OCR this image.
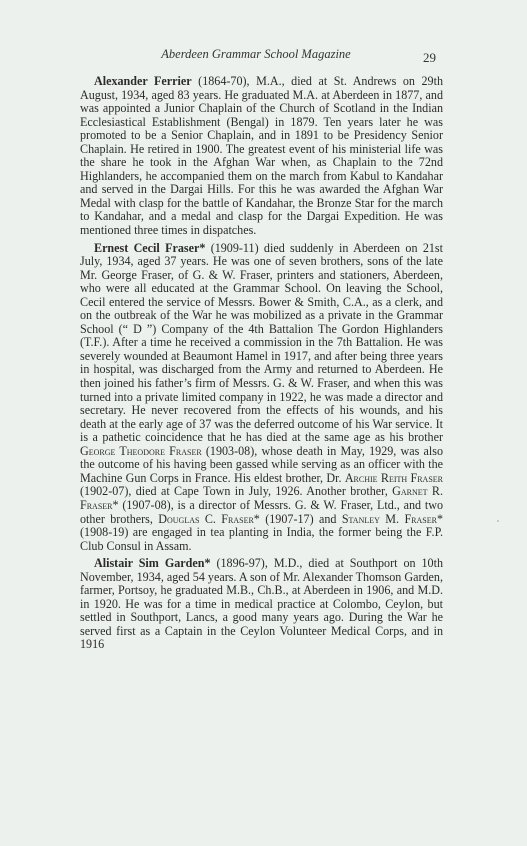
Aberdeen Grammar School Magazine	29

Alexander Ferrier (1864-70), M.A., died at St. Andrews on 29th August, 1934, aged 83 years. He graduated M.A. at Aberdeen in 1877, and was appointed a Junior Chaplain of the Church of Scotland in the Indian Ecclesiastical Establishment (Bengal) in 1879. Ten years later he was promoted to be a Senior Chaplain, and in 1891 to be Presidency Senior Chaplain. He retired in 1900. The greatest event of his ministerial life was the share he took in the Afghan War when, as Chaplain to the 72nd Highlanders, he accompanied them on the march from Kabul to Kandahar and served in the Dargai Hills. For this he was awarded the Afghan War Medal with clasp for the battle of Kandahar, the Bronze Star for the march to Kandahar, and a medal and clasp for the Dargai Expedition. He was mentioned three times in dispatches.

Ernest Cecil Fraser* (1909-11) died suddenly in Aberdeen on 21st July, 1934, aged 37 years. He was one of seven brothers, sons of the late Mr. George Fraser, of G. & W. Fraser, printers and stationers, Aberdeen, who were all educated at the Grammar School. On leaving the School, Cecil entered the service of Messrs. Bower & Smith, C.A., as a clerk, and on the outbreak of the War he was mobilized as a private in the Grammar School (“ D ”) Company of the 4th Battalion The Gordon Highlanders (T.F.). After a time he received a commission in the 7th Battalion. He was severely wounded at Beaumont Hamel in 1917, and after being three years in hospital, was discharged from the Army and returned to Aberdeen. He then joined his father’s firm of Messrs. G. & W. Fraser, and when this was turned into a private limited company in 1922, he was made a director and secretary. He never recovered from the effects of his wounds, and his death at the early age of 37 was the deferred outcome of his War service. It is a pathetic coincidence that he has died at the same age as his brother George Theodore Fraser (1903-08), whose death in May, 1929, was also the outcome of his having been gassed while serving as an officer with the Machine Gun Corps in France. His eldest brother, Dr. Archie Reith Fraser (1902-07), died at Cape Town in July, 1926. Another brother, Garnet R. Fraser* (1907-08), is a director of Messrs. G. & W. Fraser, Ltd., and two other brothers, Douglas C. Fraser* (1907-17) and Stanley M. Fraser* (1908-19) are engaged in tea planting in India, the former being the F.P. Club Consul in Assam.

Alistair Sim Garden* (1896-97), M.D., died at Southport on 10th November, 1934, aged 54 years. A son of Mr. Alexander Thomson Garden, farmer, Portsoy, he graduated M.B., Ch.B., at Aberdeen in 1906, and M.D. in 1920. He was for a time in medical practice at Colombo, Ceylon, but settled in Southport, Lancs, a good many years ago. During the War he served first as a Captain in the Ceylon Volunteer Medical Corps, and in 1916
